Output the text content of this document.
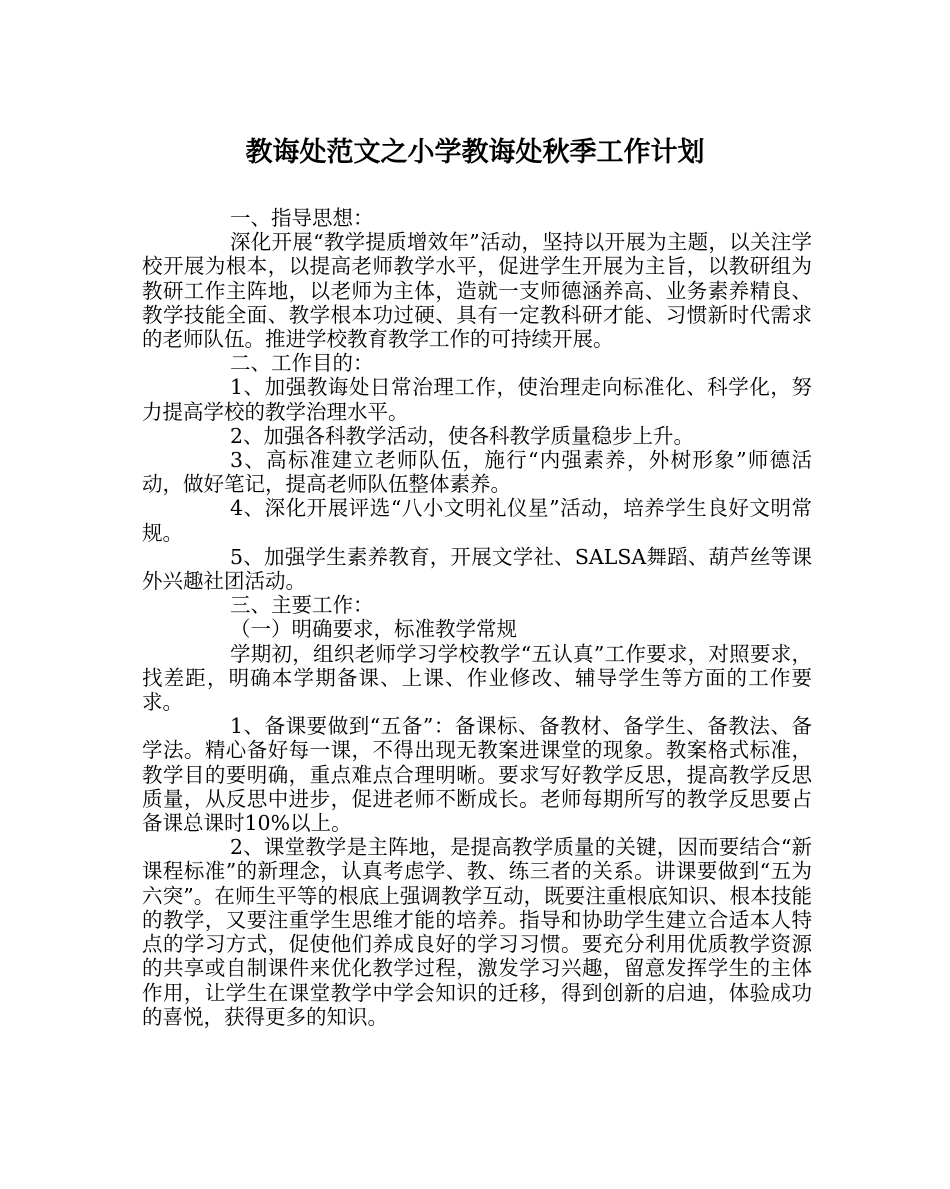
教诲处范文之小学教诲处秋季工作计划

一、指导思想：

深化开展“教学提质增效年”活动，坚持以开展为主题，以关注学校开展为根本，以提高老师教学水平，促进学生开展为主旨，以教研组为教研工作主阵地，以老师为主体，造就一支师德涵养高、业务素养精良、教学技能全面、教学根本功过硬、具有一定教科研才能、习惯新时代需求的老师队伍。推进学校教育教学工作的可持续开展。

二、工作目的：

1、加强教诲处日常治理工作，使治理走向标准化、科学化，努力提高学校的教学治理水平。

2、加强各科教学活动，使各科教学质量稳步上升。

3、高标准建立老师队伍，施行“内强素养，外树形象”师德活动，做好笔记，提高老师队伍整体素养。

4、深化开展评选“八小文明礼仪星”活动，培养学生良好文明常规。

5、加强学生素养教育，开展文学社、SALSA舞蹈、葫芦丝等课外兴趣社团活动。

三、主要工作：

（一）明确要求，标准教学常规

学期初，组织老师学习学校教学“五认真”工作要求，对照要求，找差距，明确本学期备课、上课、作业修改、辅导学生等方面的工作要求。

1、备课要做到“五备”：备课标、备教材、备学生、备教法、备学法。精心备好每一课，不得出现无教案进课堂的现象。教案格式标准，教学目的要明确，重点难点合理明晰。要求写好教学反思，提高教学反思质量，从反思中进步，促进老师不断成长。老师每期所写的教学反思要占备课总课时10%以上。

2、课堂教学是主阵地，是提高教学质量的关键，因而要结合“新课程标准”的新理念，认真考虑学、教、练三者的关系。讲课要做到“五为六突”。在师生平等的根底上强调教学互动，既要注重根底知识、根本技能的教学，又要注重学生思维才能的培养。指导和协助学生建立合适本人特点的学习方式，促使他们养成良好的学习习惯。要充分利用优质教学资源的共享或自制课件来优化教学过程，激发学习兴趣，留意发挥学生的主体作用，让学生在课堂教学中学会知识的迁移，得到创新的启迪，体验成功的喜悦，获得更多的知识。
